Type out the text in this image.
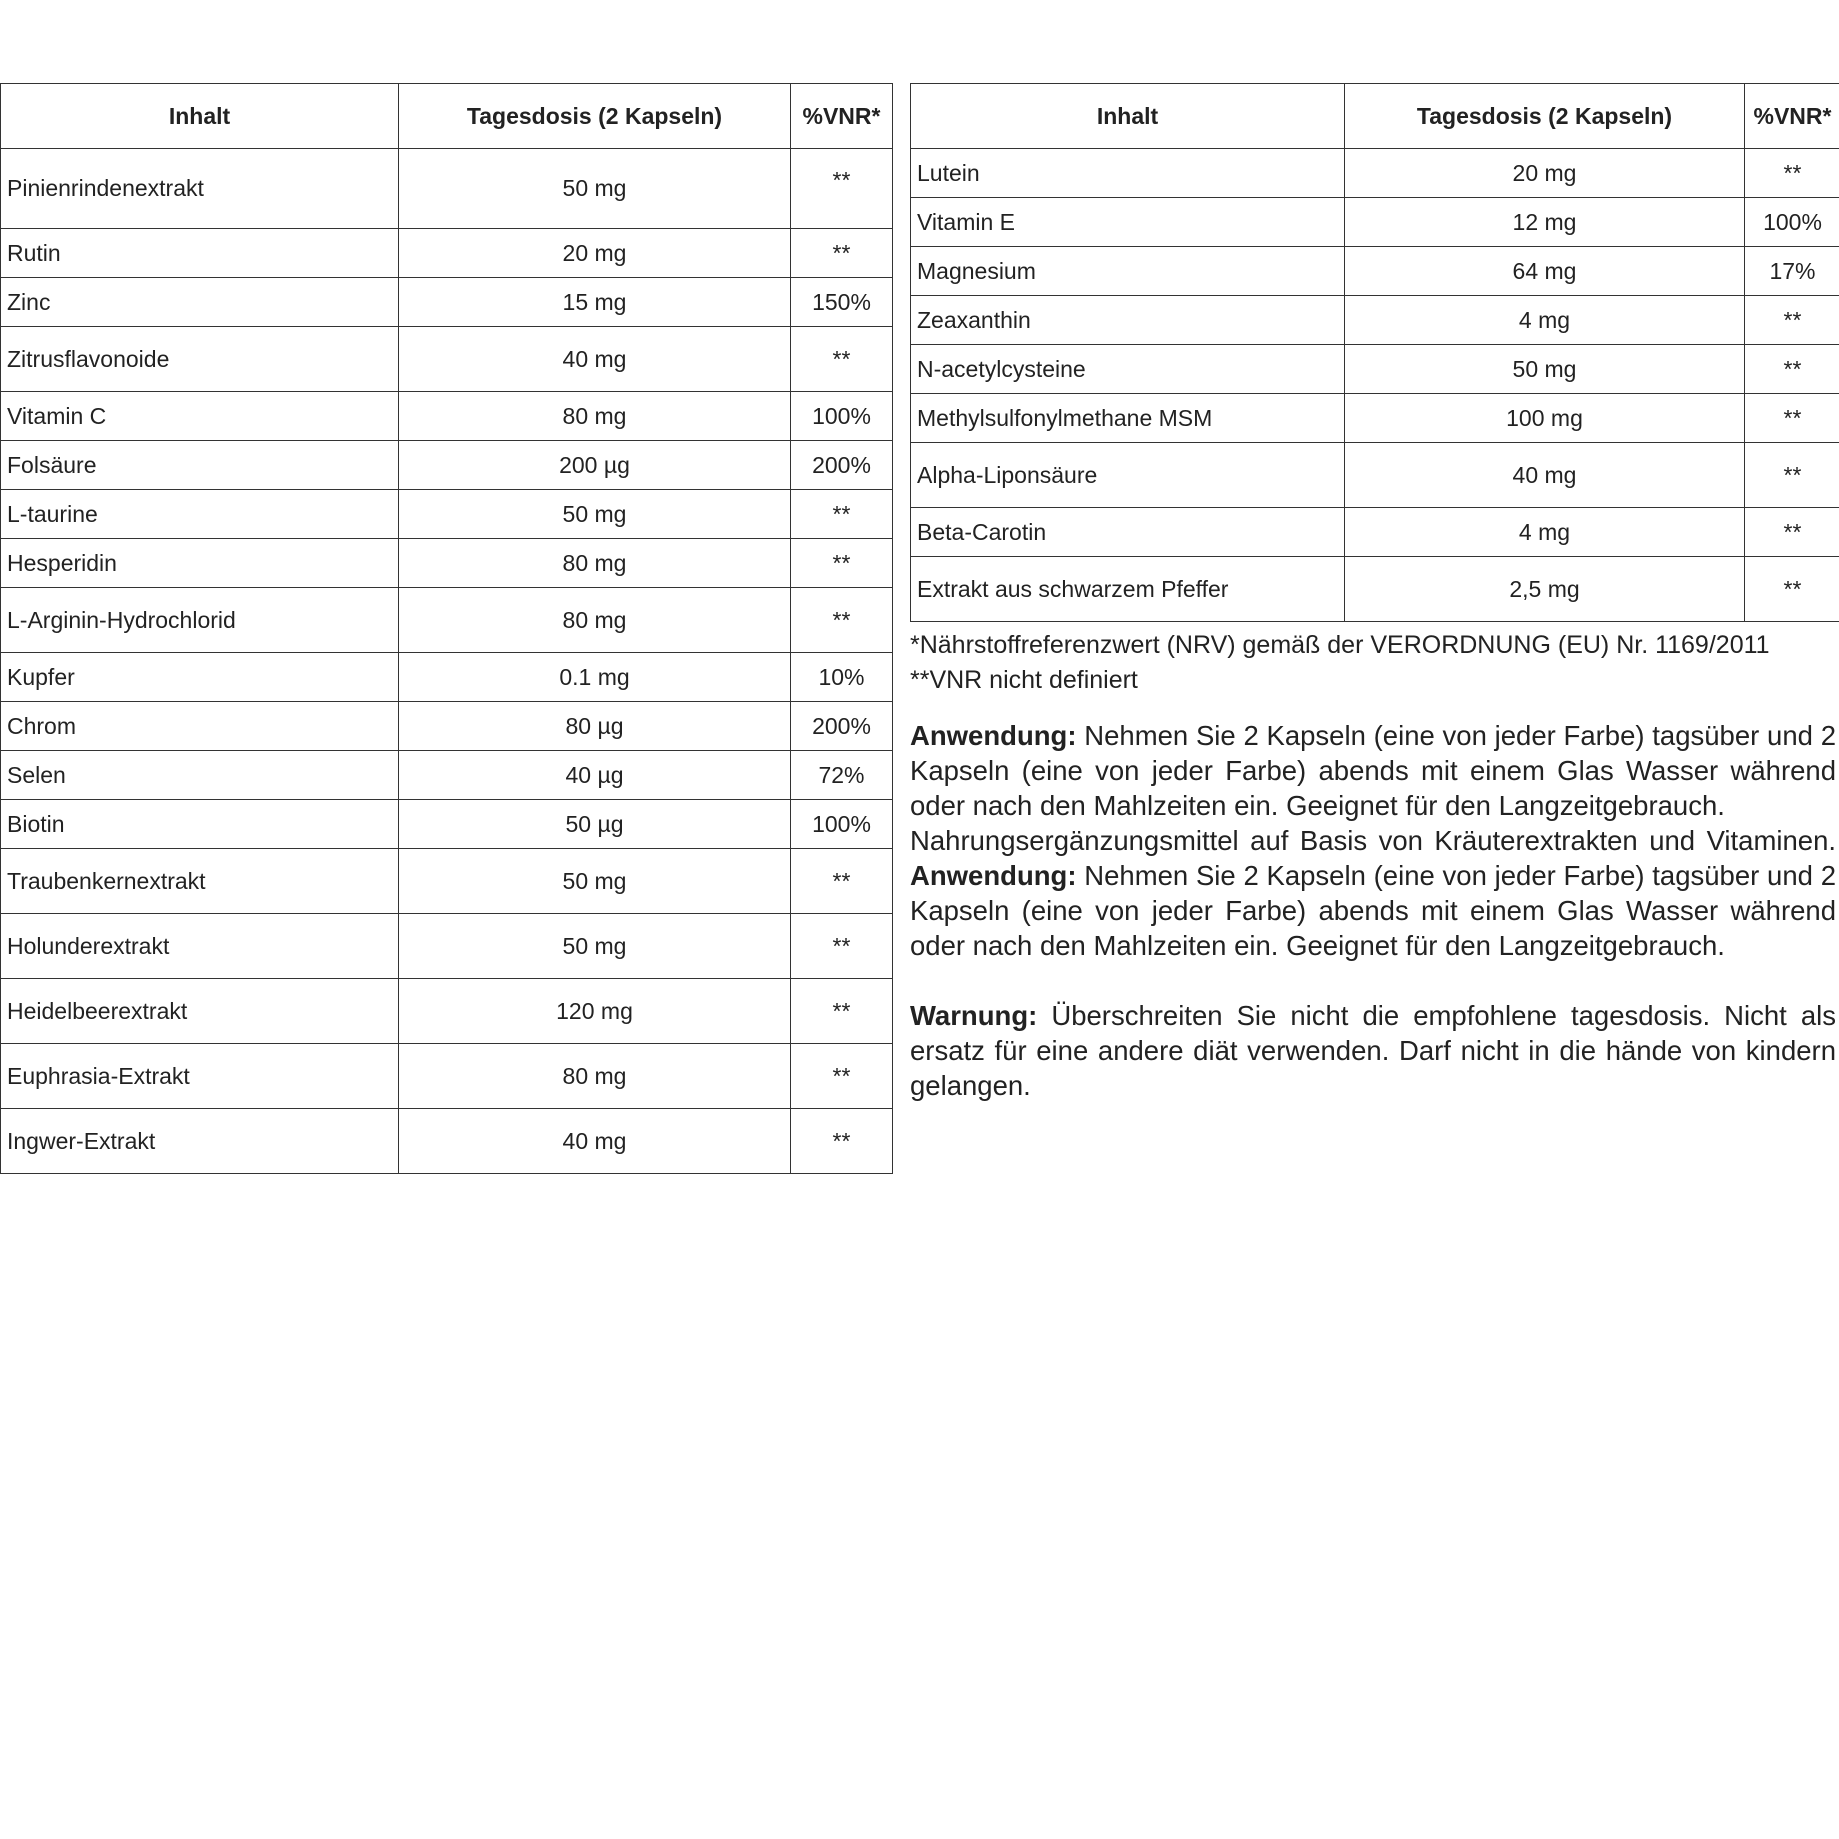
Inhalt	Tagesdosis (2 Kapseln)	%VNR*
Pinienrindenextrakt	50 mg	**
Rutin	20 mg	**
Zinc	15 mg	150%
Zitrusflavonoide	40 mg	**
Vitamin C	80 mg	100%
Folsäure	200 µg	200%
L-taurine	50 mg	**
Hesperidin	80 mg	**
L-Arginin-Hydrochlorid	80 mg	**
Kupfer	0.1 mg	10%
Chrom	80 µg	200%
Selen	40 µg	72%
Biotin	50 µg	100%
Traubenkernextrakt	50 mg	**
Holunderextrakt	50 mg	**
Heidelbeerextrakt	120 mg	**
Euphrasia-Extrakt	80 mg	**
Ingwer-Extrakt	40 mg	**
Inhalt	Tagesdosis (2 Kapseln)	%VNR*
Lutein	20 mg	**
Vitamin E	12 mg	100%
Magnesium	64 mg	17%
Zeaxanthin	4 mg	**
N-acetylcysteine	50 mg	**
Methylsulfonylmethane MSM	100 mg	**
Alpha-Liponsäure	40 mg	**
Beta-Carotin	4 mg	**
Extrakt aus schwarzem Pfeffer	2,5 mg	**

*Nährstoffreferenzwert (NRV) gemäß der VERORDNUNG (EU) Nr. 1169/2011

**VNR nicht definiert

Anwendung: Nehmen Sie 2 Kapseln (eine von jeder Farbe) tagsüber und 2 Kapseln (eine von jeder Farbe) abends mit einem Glas Wasser während oder nach den Mahlzeiten ein. Geeignet für den Langzeitgebrauch.

Nahrungsergänzungsmittel auf Basis von Kräuterextrakten und Vitaminen. Anwendung: Nehmen Sie 2 Kapseln (eine von jeder Farbe) tagsüber und 2 Kapseln (eine von jeder Farbe) abends mit einem Glas Wasser während oder nach den Mahlzeiten ein. Geeignet für den Langzeitgebrauch.

Warnung: Überschreiten Sie nicht die empfohlene tagesdosis. Nicht als ersatz für eine andere diät verwenden. Darf nicht in die hände von kindern gelangen.
